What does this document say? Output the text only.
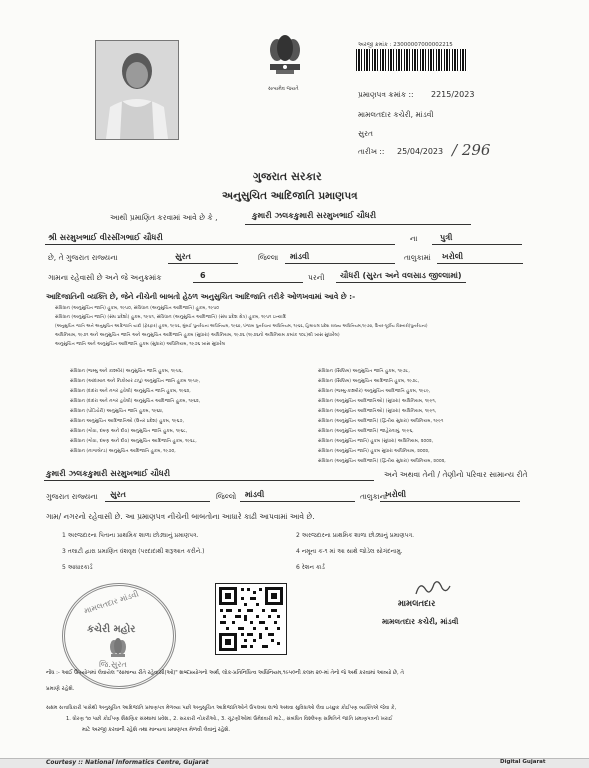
સત્યમેવ જયતે
અરજી ક્રમાંક : 23000007000002215
પ્રમાણપત્ર ક્રમાંક :: 2215/2023
મામલતદાર કચેરી, માંડવી
સુરત
તારીખ :: 25/04/2023 / 296
ગુજરાત સરકાર
અનુસુચિત આદિજાતિ પ્રમાણપત્ર
આથી પ્રમાણિત કરવામાં આવે છે કે ,	કુમારી ઝલકકુમારી સરમુખભાઈ ચૌધરી
શ્રી સરમુખભાઈ વીરસીંગભાઈ ચૌધરી	ના	પુત્રી
છે, તે ગુજરાત રાજ્યના	સુરત	જિલ્લા માંડવી	તાલુકામાં ખરોલી
ગામના રહેવાસી છે અને જે અનુક્રમાંક	6	પરની ચૌધરી (સુરત અને વલસાડ જીલ્લામાં)
આદિજાતિની વ્યક્તિ છે, જેને નીચેની બાબતો હેઠળ અનુસુચિત આદિજાતિ તરીકે ઓળખવામાં આવે છે :-
સંવિધાન (અનુસુચિત જાતિ) હુકમ, ૧૯૫૦, સંવિધાન (અનુસુચિત આદિજાતિ) હુકમ, ૧૯૫૦
સંવિધાન (અનુસુચિત જાતિ) (સંઘ પ્રદેશો) હુકમ, ૧૯૫૧, સંવિધાન (અનુસુચિત આદિજાતિ) (સંઘ પ્રદેશ ક્ષેત્ર) હુકમ, ૧૯૫૧ ઇત્યાદિ
(અનુસુચિત જાતિ અને અનુસુચિત આદિજાતિ યાદી (ફેરફાર) હુકમ, ૧૯૫૬, મુંબઈ પુનર્રચના અધિનિયમ, ૧૯૬૦, પંજાબ પુનર્રચના અધિનિયમ, ૧૯૬૬, હિમાચલ પ્રદેશ રાજ્ય અધિનિયમ,૧૯૭૦, ઉત્તર-પૂર્વીય વિસ્તારો(પુનર્રચના)
અધિનિયમ, ૧૯૭૧ અને અનુસુચિત જાતિ અને અનુસુચિત આદિજાતિ હુકમ (સુધારા) અધિનિયમ, ૧૯૭૬ (૧૯૭૬નો અધિનિયમ ક્રમાંક ૧૦૮)થી ખાસ સુધારેલ)
અનુસુચિત જાતિ અને અનુસુચિત આદિજાતિ હુકમ (સુધારા) અધિનિયમ, ૧૯૭૬ ખાસ સુધારેલ
સંવિધાન (જમ્મુ અને કાશ્મીર) અનુસુચિત જાતિ હુકમ, ૧૯૫૬,
સંવિધાન (આંદામાન અને નિકોબાર ટાપુ) અનુસુચિત જાતિ હુકમ ૧૯૫૯,
સંવિધાન (દાદરા અને નગર હવેલી) અનુસુચિત જાતિ હુકમ, ૧૯૬૨,
સંવિધાન (દાદરા અને નગર હવેલી) અનુસુચિત આદિજાતિ હુકમ, ૧૯૬૨,
સંવિધાન (પોંડિચેરી) અનુસુચિત જાતિ હુકમ, ૧૯૬૪,
સંવિધાન અનુસુચિત આદિજાતિઓ (ઉત્તર પ્રદેશ) હુકમ, ૧૯૬૭,
સંવિધાન (ગોવા, દમણ અને દીવ) અનુસુચિત જાતિ હુકમ, ૧૯૬૮,
સંવિધાન (ગોવા, દમણ અને દીવ) અનુસુચિત આદિજાતિ હુકમ, ૧૯૬૮,
સંવિધાન (નાગાલેન્ડ) અનુસુચિત આદિજાતિ હુકમ, ૧૯૭૦,
સંવિધાન (સિક્કિમ) અનુસુચિત જાતિ હુકમ, ૧૯૭૮,
સંવિધાન (સિક્કિમ) અનુસુચિત આદિજાતિ હુકમ, ૧૯૭૮,
સંવિધાન (જમ્મુ-કાશ્મીર) અનુસુચિત આદિજાતિ હુકમ, ૧૯૮૯,
સંવિધાન (અનુસુચિત આદિજાતિઓ) (સુધારા) અધિનિયમ, ૧૯૯૧,
સંવિધાન (અનુસુચિત આદિજાતિઓ) (સુધારા) અધિનિયમ, ૧૯૯૧,
સંવિધાન (અનુસુચિત આદિજાતિ) (દ્વિતીય સુધારા) અધિનિયમ, ૧૯૯૧
સંવિધાન (અનુસુચિત આદિજાતિ) જાહેરનામું, ૧૯૯૬,
સંવિધાન (અનુસુચિત જાતિ) હુકમ (સુધારા) અધિનિયમ, ૨૦૦૨,
સંવિધાન (અનુસુચિત જાતિ) હુકમ સુધારા અધિનિયમ, ૨૦૦૨,
સંવિધાન (અનુસુચિત આદિજાતિ) (દ્વિતીય સુધારા) અધિનિયમ, ૨૦૦૨,
કુમારી ઝલકકુમારી સરમુખભાઈ ચૌધરી	અને અથવા તેની / તેણીનો પરિવાર સામાન્ય રીતે
ગુજરાત રાજ્યના સુરત	જિલ્લો માંડવી	તાલુકાના
ખરોલી
ગામ/ નગરનો રહેવાસી છે. આ પ્રમાણપત્ર નીચેની બાબતોના આધારે કાઢી આપવામાં આવે છે.
1 અરજદારના પિતાના પ્રાથમિક શાળા છોડ્યાનું પ્રમાણપત્ર.	2 અરજદારના પ્રાથમિક શાળા છોડ્યાનું પ્રમાણપત્ર.
3 તલાટી દ્વારા પ્રમાણિત વંશવૃક્ષ (પરદાદાથી શરૂઆત કરીને.)	4 નમૂના ક-૧ માં આ સાથે જોડેલ સોગંદનામુ.
5 આધારકાર્ડ	6 રેશન કાર્ડ
મામલતદાર માંડવી
કચેરી મહોર
જિ.સુરત
મામલતદાર
મામલતદાર કચેરી, માંડવી
નોંધ :- આઈ ઉપયોગમાં લેવાયેલ "સામાન્ય રીતે રહેવાસી(ઓ)" શબ્દપ્રયોગનો અર્થ, લોક-પ્રતિનિધિત્વ અધિનિયમ,૧૯૫૦ની કલમ ૨૦-માં તેનો જે અર્થ કરવામાં આવ્યો છે, તે
પ્રમાણે રહેશે.
સક્ષમ સત્તાધિકારી પાસેથી અનુસૂચિત આદિજાતિ પ્રમાણપત્ર મેળવ્યા પછી અનુસૂચિત આદિજાતિઓને ઉપલબ્ધ લાભો અથવા સુવિધાઓ લેવા ઇચ્છુક કોઈપણ વ્યક્તિએ જેવા કે,
1. ધોરણ ૧૦ પછી કોઈપણ શૈક્ષણિક સંસ્થામાં પ્રવેશ., 2. સરકારી નોકરીઓ., 3. ચૂંટણીઓમાં ઉમેદવારી માટે., સંબંધિત વિશ્લેષણ સમિતિને જાતિ પ્રમાણપત્રની ખરાઈ
માટે અરજી કરવાની રહેશે તથા માન્યતા પ્રમાણપત્ર મેળવી લેવાનું રહેશે.
Courtesy :: National Informatics Centre, Gujarat	Digital Gujarat
